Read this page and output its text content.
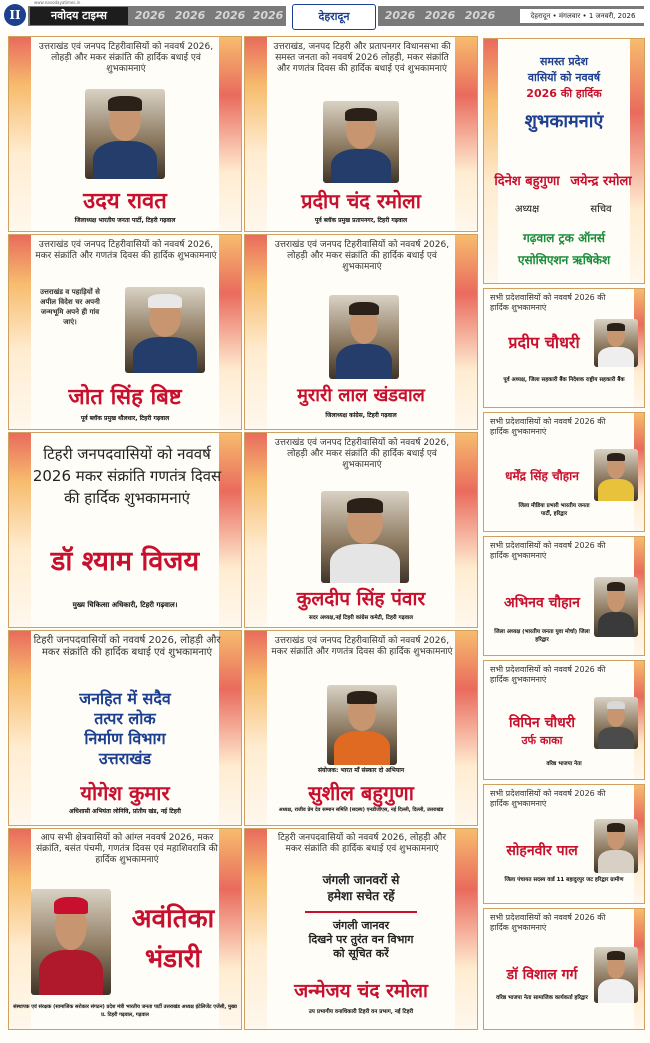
www.navodayatimes.in
II	नवोदय टाइम्स	2026 2026 2026 2026	देहरादून	2026 2026 2026	देहरादून • मंगलवार • 1 जनवरी, 2026
उत्तराखंड एवं जनपद टिहरीवासियों को नववर्ष 2026, लोहड़ी और मकर संक्रांति की हार्दिक बधाई एवं शुभकामनाएं
उदय रावत
जिलाध्यक्ष भारतीय जनता पार्टी, टिहरी गढ़वाल
उत्तराखंड, जनपद टिहरी और प्रतापनगर विधानसभा की समस्त जनता को नववर्ष 2026 लोहड़ी, मकर संक्रांति और गणतंत्र दिवस की हार्दिक बधाई एवं शुभकामनाएं
प्रदीप चंद रमोला
पूर्व ब्लॉक प्रमुख प्रतापनगर, टिहरी गढ़वाल
उत्तराखंड एवं जनपद टिहरीवासियों को नववर्ष 2026, मकर संक्रांति और गणतंत्र दिवस की हार्दिक शुभकामनाएं
उत्तराखंड व पहाड़ियों से अपील विदेश चर अपनी जन्मभूमि अपने ही गांव जाएं।
जोत सिंह बिष्ट
पूर्व ब्लॉक प्रमुख थौलधार, टिहरी गढ़वाल
उत्तराखंड एवं जनपद टिहरीवासियों को नववर्ष 2026, लोहड़ी और मकर संक्रांति की हार्दिक बधाई एवं शुभकामनाएं
मुरारी लाल खंडवाल
जिलाध्यक्ष कांग्रेस, टिहरी गढ़वाल
टिहरी जनपदवासियों को नववर्ष 2026 मकर संक्रांति गणतंत्र दिवस की हार्दिक शुभकामनाएं
डॉ श्याम विजय
मुख्य चिकित्सा अधिकारी, टिहरी गढ़वाल।
उत्तराखंड एवं जनपद टिहरीवासियों को नववर्ष 2026, लोहड़ी और मकर संक्रांति की हार्दिक बधाई एवं शुभकामनाएं
कुलदीप सिंह पंवार
सदर अध्यक्ष,नई टिहरी कांग्रेस कमेटी, टिहरी गढ़वाल
टिहरी जनपदवासियों को नववर्ष 2026, लोहड़ी और मकर संक्रांति की हार्दिक बधाई एवं शुभकामनाएं
जनहित में सदैव
तत्पर लोक
निर्माण विभाग
उत्तराखंड
योगेश कुमार
अधिशासी अभियंता लोनिवि, प्रांतीय खंड, नई टिहरी
उत्तराखंड एवं जनपद टिहरीवासियों को नववर्ष 2026, मकर संक्रांति और गणतंत्र दिवस की हार्दिक शुभकामनाएं
संयोजक: भारत माँ संस्कार दो अभियान
सुशील बहुगुणा
अध्यक्ष, राजीव प्रेम देव सम्मान समिति (सदस्य) एनडीजीएस, नई दिल्ली, दिल्ली, उत्तराखंड
आप सभी क्षेत्रवासियों को आंग्ल नववर्ष 2026, मकर संक्रांति, बसंत पंचमी, गणतंत्र दिवस एवं महाशिवरात्रि की हार्दिक शुभकामनाएं
अवंतिका
भंडारी
संस्थापक एवं संरक्षक (सामाजिक सरोकार संगठन) प्रदेश मंत्री भारतीय जनता पार्टी उत्तराखंड अध्यक्ष इंटेलिजेंट एजेंसी, मुख्य प्र. टिहरी गढ़वाल, गढ़वाल
टिहरी जनपदवासियों को नववर्ष 2026, लोहड़ी और मकर संक्रांति की हार्दिक बधाई एवं शुभकामनाएं
जंगली जानवरों से
हमेशा सचेत रहें
जंगली जानवर
दिखने पर तुरंत वन विभाग
को सूचित करें
जन्मेजय चंद रमोला
उप प्रभागीय वनाधिकारी टिहरी वन प्रभाग, नई टिहरी
समस्त प्रदेश
वासियों को नववर्ष
2026 की हार्दिक
शुभकामनाएं
दिनेश बहुगुणा जयेन्द्र रमोला
अध्यक्ष	सचिव
गढ़वाल ट्रक ऑनर्स
एसोसिएशन ऋषिकेश
सभी प्रदेशवासियों को नववर्ष 2026 की हार्दिक शुभकामनाएं
प्रदीप चौधरी
पूर्व अध्यक्ष, जिला सहकारी बैंक निदेशक राष्ट्रीय सहकारी बैंक
सभी प्रदेशवासियों को नववर्ष 2026 की हार्दिक शुभकामनाएं
धर्मेंद्र सिंह चौहान
जिला मीडिया प्रभारी भारतीय जनता पार्टी, हरिद्वार
सभी प्रदेशवासियों को नववर्ष 2026 की हार्दिक शुभकामनाएं
अभिनव चौहान
जिला अध्यक्ष (भारतीय जनता युवा मोर्चा) जिला हरिद्वार
सभी प्रदेशवासियों को नववर्ष 2026 की हार्दिक शुभकामनाएं
विपिन चौधरी
उर्फ काका
वरिष्ठ भाजपा नेता
सभी प्रदेशवासियों को नववर्ष 2026 की हार्दिक शुभकामनाएं
सोहनवीर पाल
जिला पंचायत सदस्य वार्ड 11 बहादुरपुर जट हरिद्वार ग्रामीण
सभी प्रदेशवासियों को नववर्ष 2026 की हार्दिक शुभकामनाएं
डॉ विशाल गर्ग
वरिष्ठ भाजपा नेता सामाजिक कार्यकर्ता हरिद्वार
